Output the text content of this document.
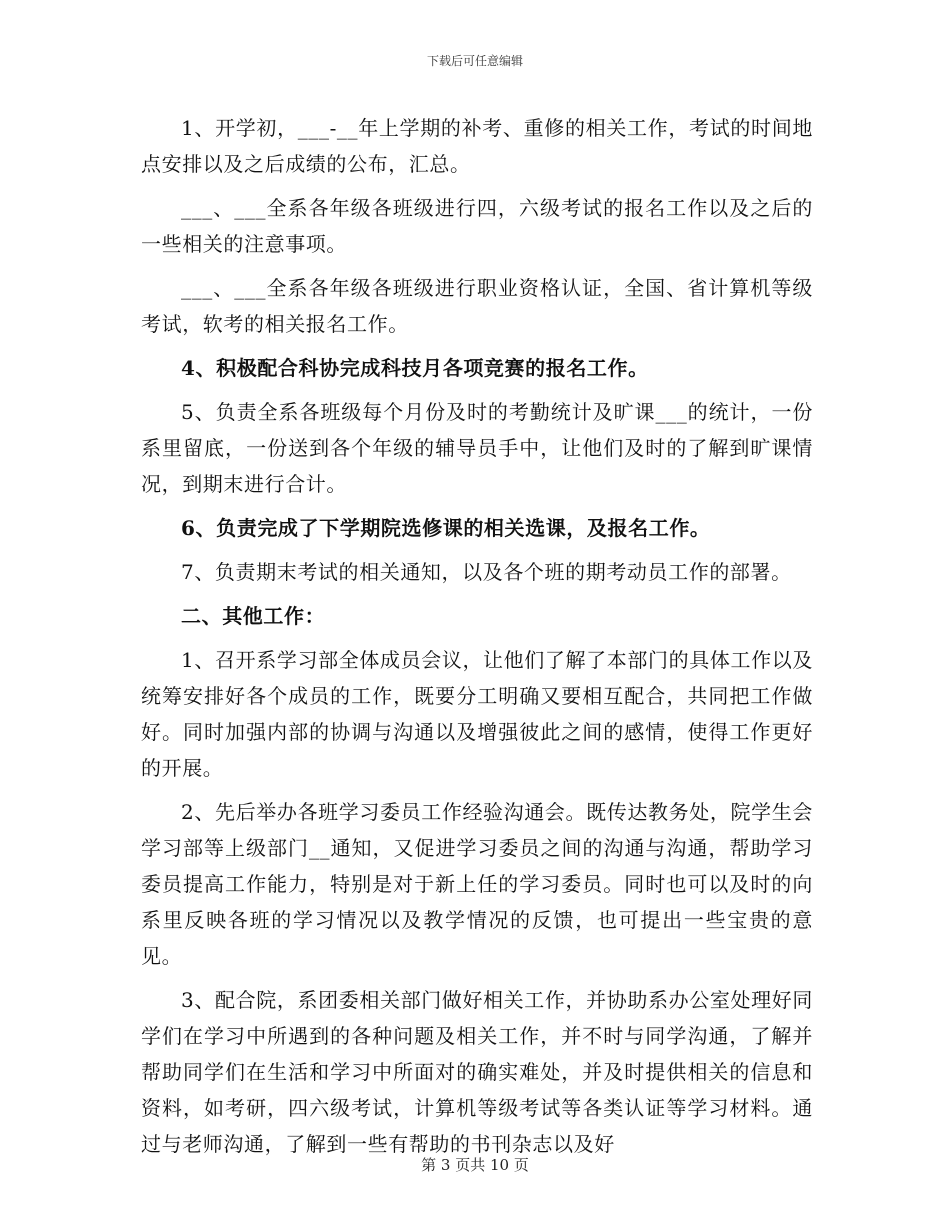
下载后可任意编辑

1、开学初，___-__年上学期的补考、重修的相关工作，考试的时间地点安排以及之后成绩的公布，汇总。

___、___全系各年级各班级进行四，六级考试的报名工作以及之后的一些相关的注意事项。

___、___全系各年级各班级进行职业资格认证，全国、省计算机等级考试，软考的相关报名工作。

4、积极配合科协完成科技月各项竞赛的报名工作。

5、负责全系各班级每个月份及时的考勤统计及旷课___的统计，一份系里留底，一份送到各个年级的辅导员手中，让他们及时的了解到旷课情况，到期末进行合计。

6、负责完成了下学期院选修课的相关选课，及报名工作。

7、负责期末考试的相关通知，以及各个班的期考动员工作的部署。

二、其他工作：

1、召开系学习部全体成员会议，让他们了解了本部门的具体工作以及统筹安排好各个成员的工作，既要分工明确又要相互配合，共同把工作做好。同时加强内部的协调与沟通以及增强彼此之间的感情，使得工作更好的开展。

2、先后举办各班学习委员工作经验沟通会。既传达教务处，院学生会学习部等上级部门__通知，又促进学习委员之间的沟通与沟通，帮助学习委员提高工作能力，特别是对于新上任的学习委员。同时也可以及时的向系里反映各班的学习情况以及教学情况的反馈，也可提出一些宝贵的意见。

3、配合院，系团委相关部门做好相关工作，并协助系办公室处理好同学们在学习中所遇到的各种问题及相关工作，并不时与同学沟通，了解并帮助同学们在生活和学习中所面对的确实难处，并及时提供相关的信息和资料，如考研，四六级考试，计算机等级考试等各类认证等学习材料。通过与老师沟通，了解到一些有帮助的书刊杂志以及好

第 3 页共 10 页
